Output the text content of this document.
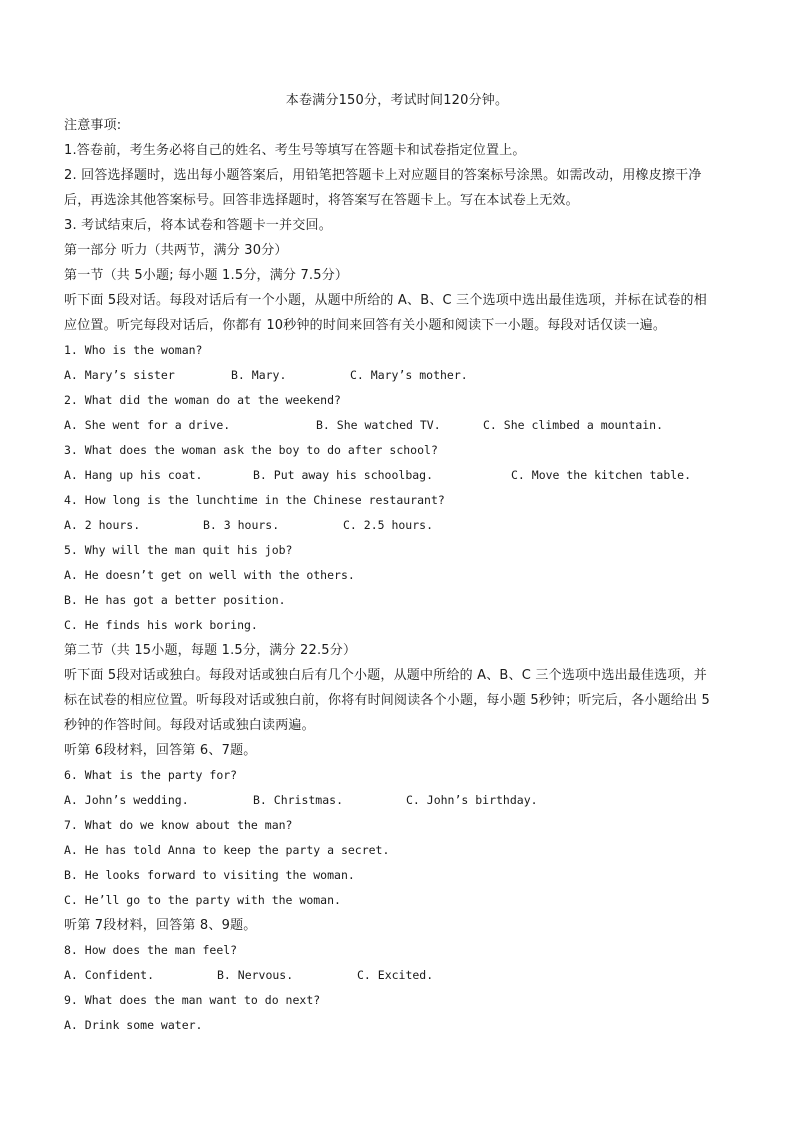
本卷满分150分，考试时间120分钟。
注意事项:
1.答卷前，考生务必将自己的姓名、考生号等填写在答题卡和试卷指定位置上。
2. 回答选择题时，选出每小题答案后，用铅笔把答题卡上对应题目的答案标号涂黑。如需改动，用橡皮擦干净
后，再选涂其他答案标号。回答非选择题时，将答案写在答题卡上。写在本试卷上无效。
3. 考试结束后，将本试卷和答题卡一并交回。
第一部分 听力（共两节，满分 30分）
第一节（共 5小题; 每小题 1.5分，满分 7.5分）
听下面 5段对话。每段对话后有一个小题，从题中所给的 A、B、C 三个选项中选出最佳选项，并标在试卷的相
应位置。听完每段对话后，你都有 10秒钟的时间来回答有关小题和阅读下一小题。每段对话仅读一遍。
1. Who is the woman?
A. Mary’s sister	B. Mary.	C. Mary’s mother.
2. What did the woman do at the weekend?
A. She went for a drive.	B. She watched TV.	C. She climbed a mountain.
3. What does the woman ask the boy to do after school?
A. Hang up his coat.	B. Put away his schoolbag.	C. Move the kitchen table.
4. How long is the lunchtime in the Chinese restaurant?
A. 2 hours.	B. 3 hours.	C. 2.5 hours.
5. Why will the man quit his job?
A. He doesn’t get on well with the others.
B. He has got a better position.
C. He finds his work boring.
第二节（共 15小题，每题 1.5分，满分 22.5分）
听下面 5段对话或独白。每段对话或独白后有几个小题，从题中所给的 A、B、C 三个选项中选出最佳选项，并
标在试卷的相应位置。听每段对话或独白前，你将有时间阅读各个小题，每小题 5秒钟；听完后，各小题给出 5
秒钟的作答时间。每段对话或独白读两遍。
听第 6段材料，回答第 6、7题。
6. What is the party for?
A. John’s wedding.	B. Christmas.	C. John’s birthday.
7. What do we know about the man?
A. He has told Anna to keep the party a secret.
B. He looks forward to visiting the woman.
C. He’ll go to the party with the woman.
听第 7段材料，回答第 8、9题。
8. How does the man feel?
A. Confident.	B. Nervous.	C. Excited.
9. What does the man want to do next?
A. Drink some water.
